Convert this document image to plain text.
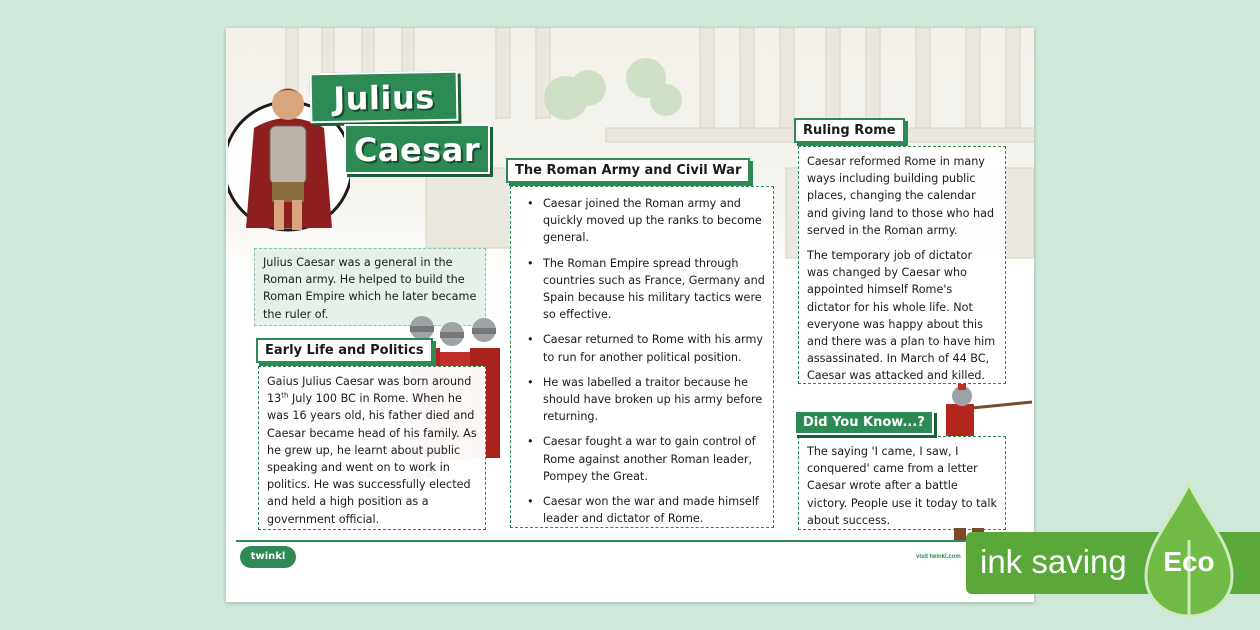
Julius
Caesar
Julius Caesar was a general in the Roman army. He helped to build the Roman Empire which he later became the ruler of.
Gaius Julius Caesar was born around 13th July 100 BC in Rome. When he was 16 years old, his father died and Caesar became head of his family. As he grew up, he learnt about public speaking and went on to work in politics. He was successfully elected and held a high position as a government official.
Early Life and Politics
• Caesar joined the Roman army and quickly moved up the ranks to become general.
• The Roman Empire spread through countries such as France, Germany and Spain because his military tactics were so effective.
• Caesar returned to Rome with his army to run for another political position.
• He was labelled a traitor because he should have broken up his army before returning.
• Caesar fought a war to gain control of Rome against another Roman leader, Pompey the Great.
• Caesar won the war and made himself leader and dictator of Rome.
The Roman Army and Civil War

Caesar reformed Rome in many ways including building public places, changing the calendar and giving land to those who had served in the Roman army.

The temporary job of dictator was changed by Caesar who appointed himself Rome's dictator for his whole life. Not everyone was happy about this and there was a plan to have him assassinated. In March of 44 BC, Caesar was attacked and killed.

Ruling Rome
The saying 'I came, I saw, I conquered' came from a letter Caesar wrote after a battle victory. People use it today to talk about success.
Did You Know...?
twinkl	visit twinkl.com ink saving Eco
